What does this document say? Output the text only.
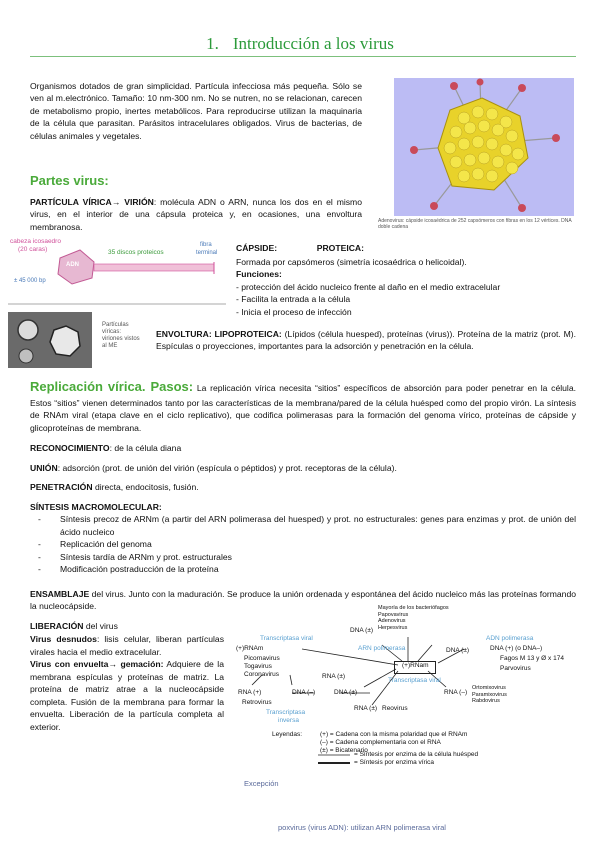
1. Introducción a los virus

Organismos dotados de gran simplicidad. Partícula infecciosa más pequeña. Sólo se ven al m.electrónico. Tamaño: 10 nm-300 nm. No se nutren, no se relacionan, carecen de metabolismo propio, inertes metabólicos. Para reproducirse utilizan la maquinaria de la célula que parasitan. Parásitos intracelulares obligados. Virus de bacterias, de células animales y vegetales.

Adenovirus: cápside icosaédrica de 252 capsómeros con fibras en los 12 vértices. DNA doble cadena
Partes virus:

PARTÍCULA VÍRICA→ VIRIÓN: molécula ADN o ARN, nunca los dos en el mismo virus, en el interior de una cápsula proteica y, en ocasiones, una envoltura membranosa.

cabeza icosaedro
(20 caras)
ADN
35 discos proteicos
fibra
terminal
± 45 000 bp
Partículas
víricas:
viriones vistos
al ME
CÁPSIDE:	PROTEICA:
Formada por capsómeros (simetría icosaédrica o helicoidal).
Funciones:
- protección del ácido nucleico frente al daño en el medio extracelular
- Facilita la entrada a la célula
- Inicia el proceso de infección

ENVOLTURA: LIPOPROTEICA: (Lípidos (célula huesped), proteínas (virus)). Proteína de la matriz (prot. M). Espículas o proyecciones, importantes para la adsorción y penetración en la célula.

Replicación vírica. Pasos: La replicación vírica necesita “sitios” específicos de absorción para poder penetrar en la célula. Estos “sitios” vienen determinados tanto por las características de la membrana/pared de la célula huésped como del propio virón. La síntesis de RNAm viral (etapa clave en el ciclo replicativo), que codifica polimerasas para la formación del genoma vírico, proteínas de cápside y glicoproteínas de membrana.

RECONOCIMIENTO: de la célula diana
UNIÓN: adsorción (prot. de unión del virión (espícula o péptidos) y prot. receptoras de la célula).
PENETRACIÓN directa, endocitosis, fusión.
SÍNTESIS MACROMOLECULAR:
- Síntesis precoz de ARNm (a partir del ARN polimerasa del huesped) y prot. no estructurales: genes para enzimas y prot. de unión del ácido nucleico
- Replicación del genoma
- Síntesis tardía de ARNm y prot. estructurales
- Modificación postraducción de la proteína

ENSAMBLAJE del virus. Junto con la maduración. Se produce la unión ordenada y espontánea del ácido nucleico más las proteínas formando la nucleocápside.

LIBERACIÓN del virus

Virus desnudos: lisis celular, liberan partículas virales hacia el medio extracelular.

Virus con envuelta→ gemación: Adquiere de la membrana espículas y proteínas de matriz. La proteína de matriz atrae a la nucleocápside completa. Fusión de la membrana para formar la envuelta. Liberación de la partícula completa al exterior.

Mayoría de los bacteriófagos
Papovavirus
Adenovirus
Herpesvirus
DNA (±)
ADN polimerasa
DNA (+) (o DNA–)
Fagos M 13 y Ø x 174
Parvovirus
DNA (±)
Transcriptasa viral
(+)RNAm
Picornavirus
Togavirus
Coronavirus
ARN polimerasa
(+)RNam
RNA (±)
RNA (+)	DNA (–)	DNA (±)
Retrovirus
Transcriptasa viral
RNA (–)
Ortomixovirus
Paramixovirus
Rabdovirus
RNA (±) Reovirus
Transcriptasa
inversa
Leyendas:	(+) = Cadena con la misma polaridad que el RNAm
(–) = Cadena complementaria con el RNA
(±) = Bicatenario
= Síntesis por enzima de la célula huésped
= Síntesis por enzima vírica
Excepción
poxvirus (virus ADN): utilizan ARN polimerasa viral
